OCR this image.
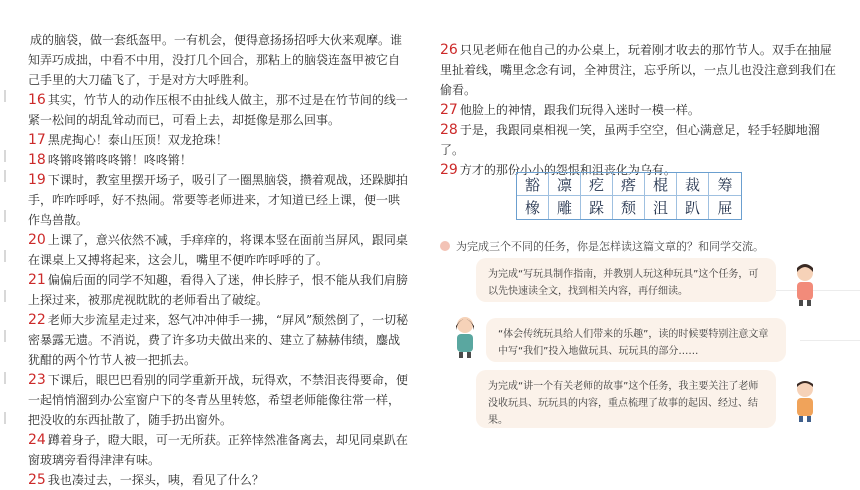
成的脑袋，做一套纸盔甲。一有机会，便得意扬扬招呼大伙来观摩。谁知弄巧成拙，中看不中用，没打几个回合，那粘上的脑袋连盔甲被它自己手里的大刀磕飞了，于是对方大呼胜利。

16 其实，竹节人的动作压根不由扯线人做主，那不过是在竹节间的线一紧一松间的胡乱耸动而已，可看上去，却挺像是那么回事。

17 黑虎掏心！泰山压顶！双龙抢珠！

18 咚锵咚锵咚咚锵！咚咚锵！

19 下课时，教室里摆开场子，吸引了一圈黑脑袋，攒着观战，还跺脚拍手，咋咋呼呼，好不热闹。常要等老师进来，才知道已经上课，便一哄作鸟兽散。

20 上课了，意兴依然不减，手痒痒的，将课本竖在面前当屏风，跟同桌在课桌上又搏将起来，这会儿，嘴里不便咋咋呼呼的了。

21 偏偏后面的同学不知趣，看得入了迷，伸长脖子，恨不能从我们肩膀上探过来，被那虎视眈眈的老师看出了破绽。

22 老师大步流星走过来，怒气冲冲伸手一拂，“屏风”颓然倒了，一切秘密暴露无遗。不消说，费了许多功夫做出来的、建立了赫赫伟绩，鏖战犹酣的两个竹节人被一把抓去。

23 下课后，眼巴巴看别的同学重新开战，玩得欢，不禁泪丧得要命，便一起悄悄溜到办公室窗户下的冬青丛里转悠，希望老师能像往常一样，把没收的东西扯散了，随手扔出窗外。

24 蹲着身子，瞪大眼，可一无所获。正猝悻然准备离去，却见同桌趴在窗玻璃旁看得津津有味。

25 我也凑过去，一探头，咦，看见了什么？

26 只见老师在他自己的办公桌上，玩着刚才收去的那竹节人。双手在抽屉里扯着线，嘴里念念有词，全神贯注，忘乎所以，一点儿也没注意到我们在偷看。

27 他脸上的神情，跟我们玩得入迷时一模一样。

28 于是，我跟同桌相视一笑，虽两手空空，但心满意足，轻手轻脚地溜了。

29 方才的那份小小的怨恨和沮丧化为乌有。

豁	凛	疙	瘩	棍	裁	筹
橡	雕	跺	颓	沮	趴	屉
为完成三个不同的任务，你是怎样读这篇文章的？和同学交流。
为完成“写玩具制作指南，并教别人玩这种玩具”这个任务，可以先快速读全文，找到相关内容，再仔细读。
“体会传统玩具给人们带来的乐趣”，读的时候要特别注意文章中写“我们”投入地做玩具、玩玩具的部分……
为完成“讲一个有关老师的故事”这个任务，我主要关注了老师没收玩具、玩玩具的内容，重点梳理了故事的起因、经过、结果。
